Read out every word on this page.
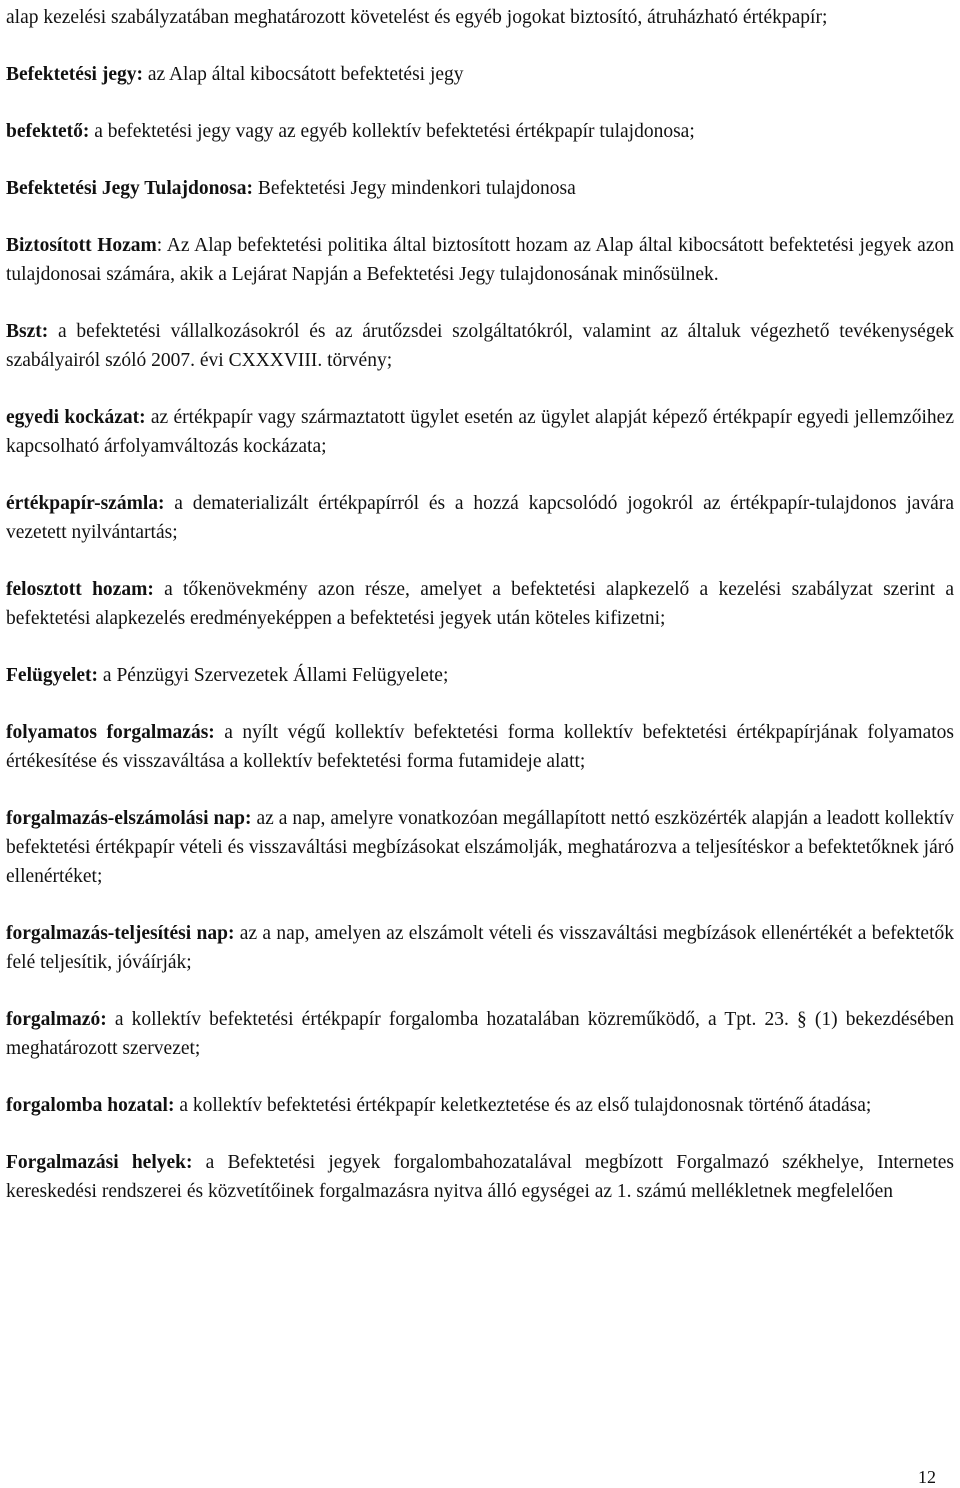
alap kezelési szabályzatában meghatározott követelést és egyéb jogokat biztosító, átruházható értékpapír;

Befektetési jegy: az Alap által kibocsátott befektetési jegy

befektető: a befektetési jegy vagy az egyéb kollektív befektetési értékpapír tulajdonosa;

Befektetési Jegy Tulajdonosa: Befektetési Jegy mindenkori tulajdonosa

Biztosított Hozam: Az Alap befektetési politika által biztosított hozam az Alap által kibocsátott befektetési jegyek azon tulajdonosai számára, akik a Lejárat Napján a Befektetési Jegy tulajdonosának minősülnek.

Bszt: a befektetési vállalkozásokról és az árutőzsdei szolgáltatókról, valamint az általuk végezhető tevékenységek szabályairól szóló 2007. évi CXXXVIII. törvény;

egyedi kockázat: az értékpapír vagy származtatott ügylet esetén az ügylet alapját képező értékpapír egyedi jellemzőihez kapcsolható árfolyamváltozás kockázata;

értékpapír-számla: a dematerializált értékpapírról és a hozzá kapcsolódó jogokról az értékpapír-tulajdonos javára vezetett nyilvántartás;

felosztott hozam: a tőkenövekmény azon része, amelyet a befektetési alapkezelő a kezelési szabályzat szerint a befektetési alapkezelés eredményeképpen a befektetési jegyek után köteles kifizetni;

Felügyelet: a Pénzügyi Szervezetek Állami Felügyelete;

folyamatos forgalmazás: a nyílt végű kollektív befektetési forma kollektív befektetési értékpapírjának folyamatos értékesítése és visszaváltása a kollektív befektetési forma futamideje alatt;

forgalmazás-elszámolási nap: az a nap, amelyre vonatkozóan megállapított nettó eszközérték alapján a leadott kollektív befektetési értékpapír vételi és visszaváltási megbízásokat elszámolják, meghatározva a teljesítéskor a befektetőknek járó ellenértéket;

forgalmazás-teljesítési nap: az a nap, amelyen az elszámolt vételi és visszaváltási megbízások ellenértékét a befektetők felé teljesítik, jóváírják;

forgalmazó: a kollektív befektetési értékpapír forgalomba hozatalában közreműködő, a Tpt. 23. § (1) bekezdésében meghatározott szervezet;

forgalomba hozatal: a kollektív befektetési értékpapír keletkeztetése és az első tulajdonosnak történő átadása;

Forgalmazási helyek: a Befektetési jegyek forgalombahozatalával megbízott Forgalmazó székhelye, Internetes kereskedési rendszerei és közvetítőinek forgalmazásra nyitva álló egységei az 1. számú mellékletnek megfelelően

12
